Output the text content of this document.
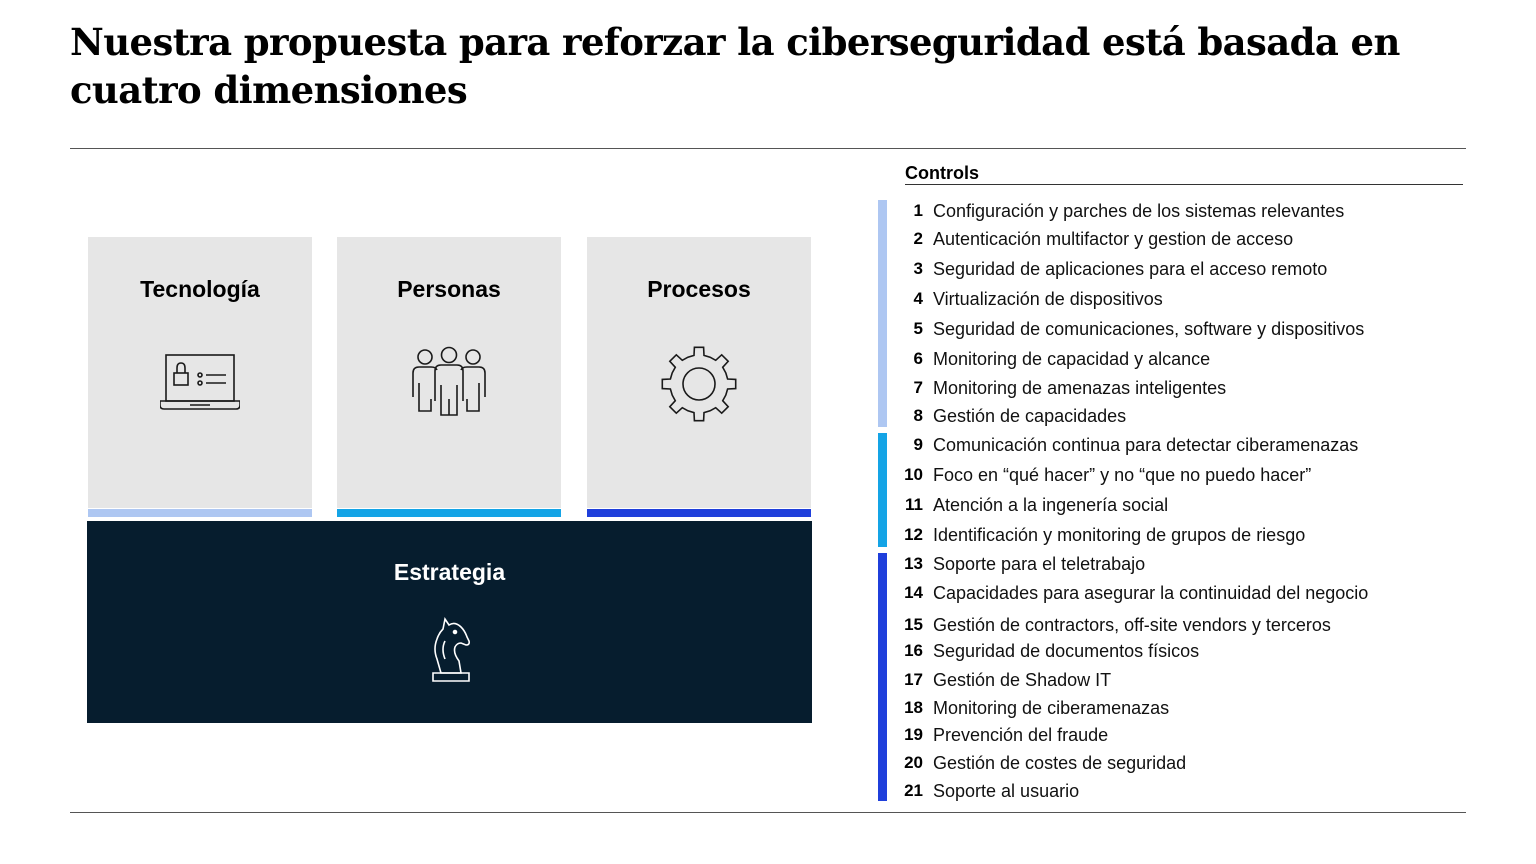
Nuestra propuesta para reforzar la ciberseguridad está basada en cuatro dimensiones
Tecnología	Personas	Procesos
Estrategia
Controls
1 Configuración y parches de los sistemas relevantes
2 Autenticación multifactor y gestion de acceso
3 Seguridad de aplicaciones para el acceso remoto
4 Virtualización de dispositivos
5 Seguridad de comunicaciones, software y dispositivos
6 Monitoring de capacidad y alcance
7 Monitoring de amenazas inteligentes
8 Gestión de capacidades
9 Comunicación continua para detectar ciberamenazas
10 Foco en “qué hacer” y no “que no puedo hacer”
11 Atención a la ingenería social
12 Identificación y monitoring de grupos de riesgo
13 Soporte para el teletrabajo
14 Capacidades para asegurar la continuidad del negocio
15 Gestión de contractors, off-site vendors y terceros
16 Seguridad de documentos físicos
17 Gestión de Shadow IT
18 Monitoring de ciberamenazas
19 Prevención del fraude
20 Gestión de costes de seguridad
21 Soporte al usuario
